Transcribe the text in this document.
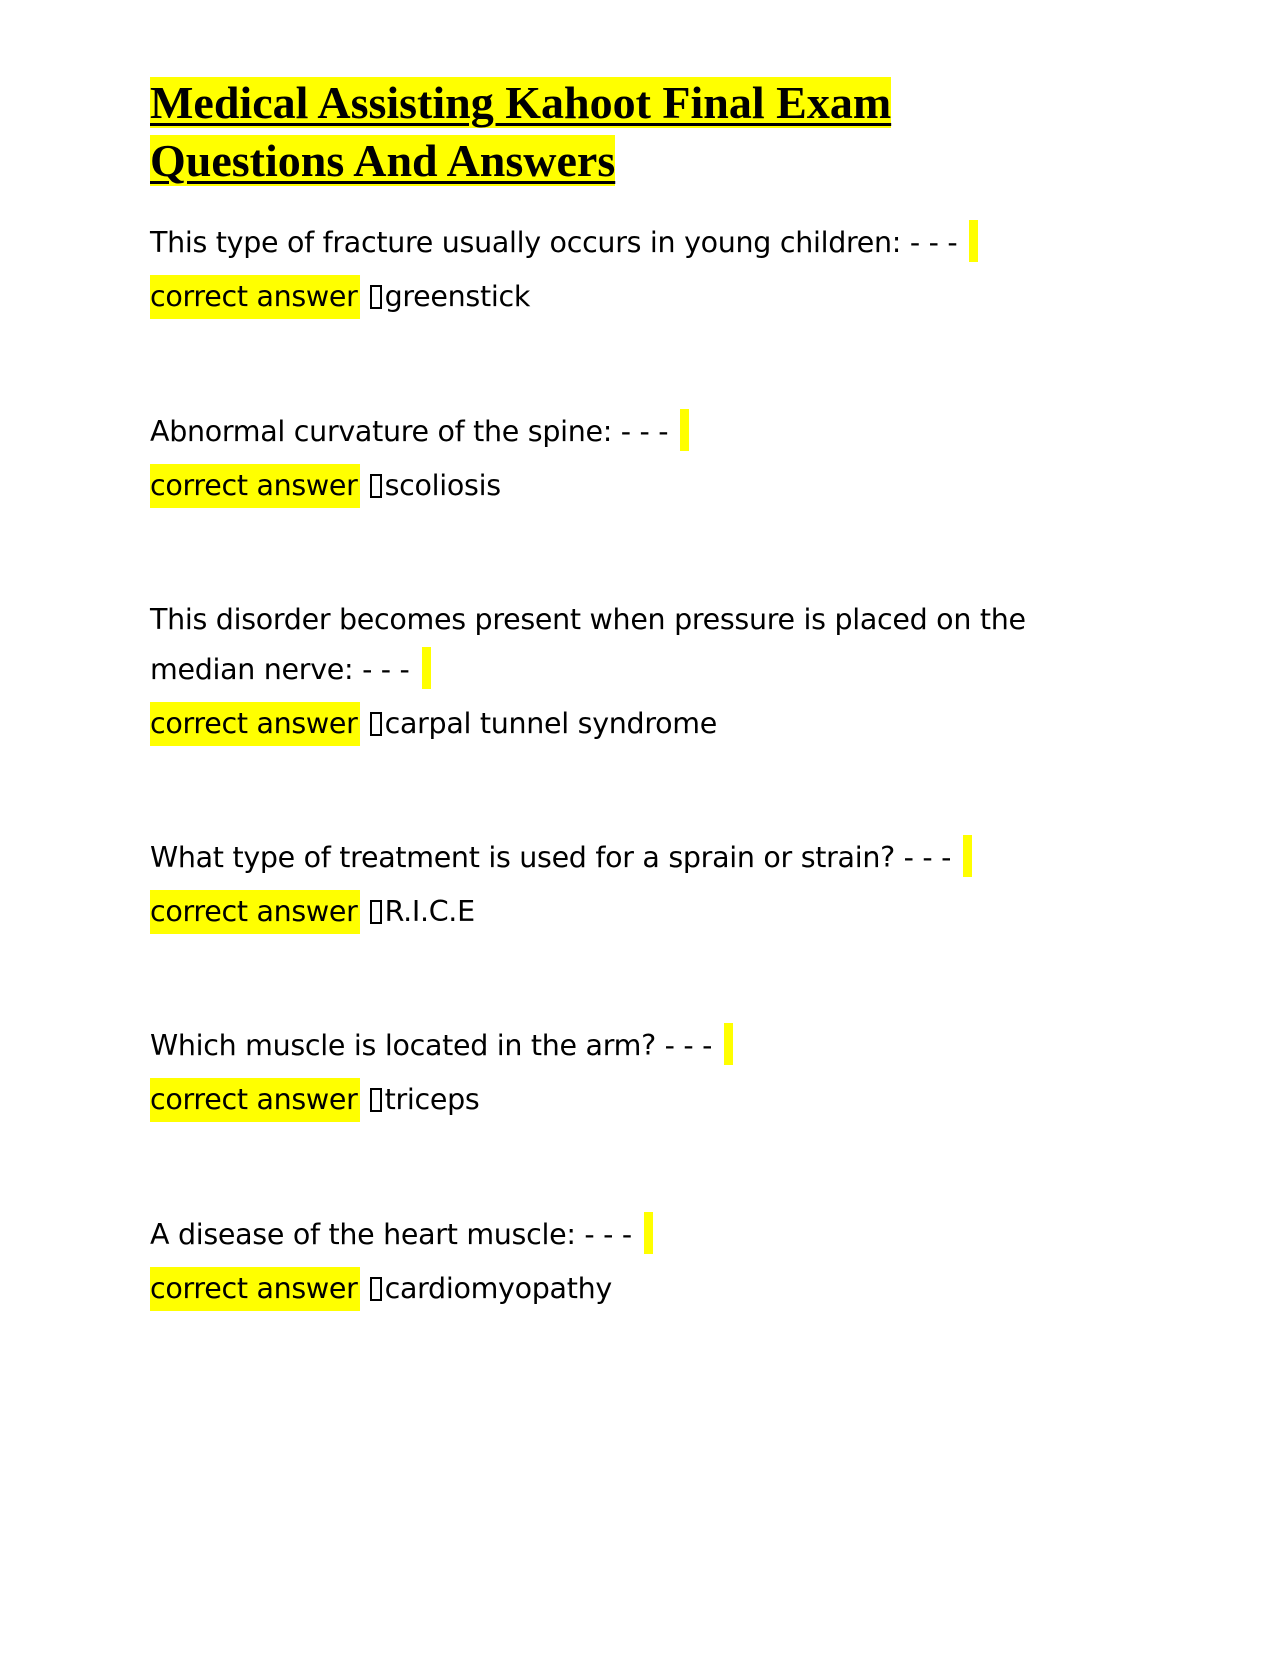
Medical Assisting Kahoot Final Exam
Questions And Answers

This type of fracture usually occurs in young children: - - -

correct answer greenstick

Abnormal curvature of the spine: - - -

correct answer scoliosis

This disorder becomes present when pressure is placed on the median nerve: - - -

correct answer carpal tunnel syndrome

What type of treatment is used for a sprain or strain? - - -

correct answer R.I.C.E

Which muscle is located in the arm? - - -

correct answer triceps

A disease of the heart muscle: - - -

correct answer cardiomyopathy
